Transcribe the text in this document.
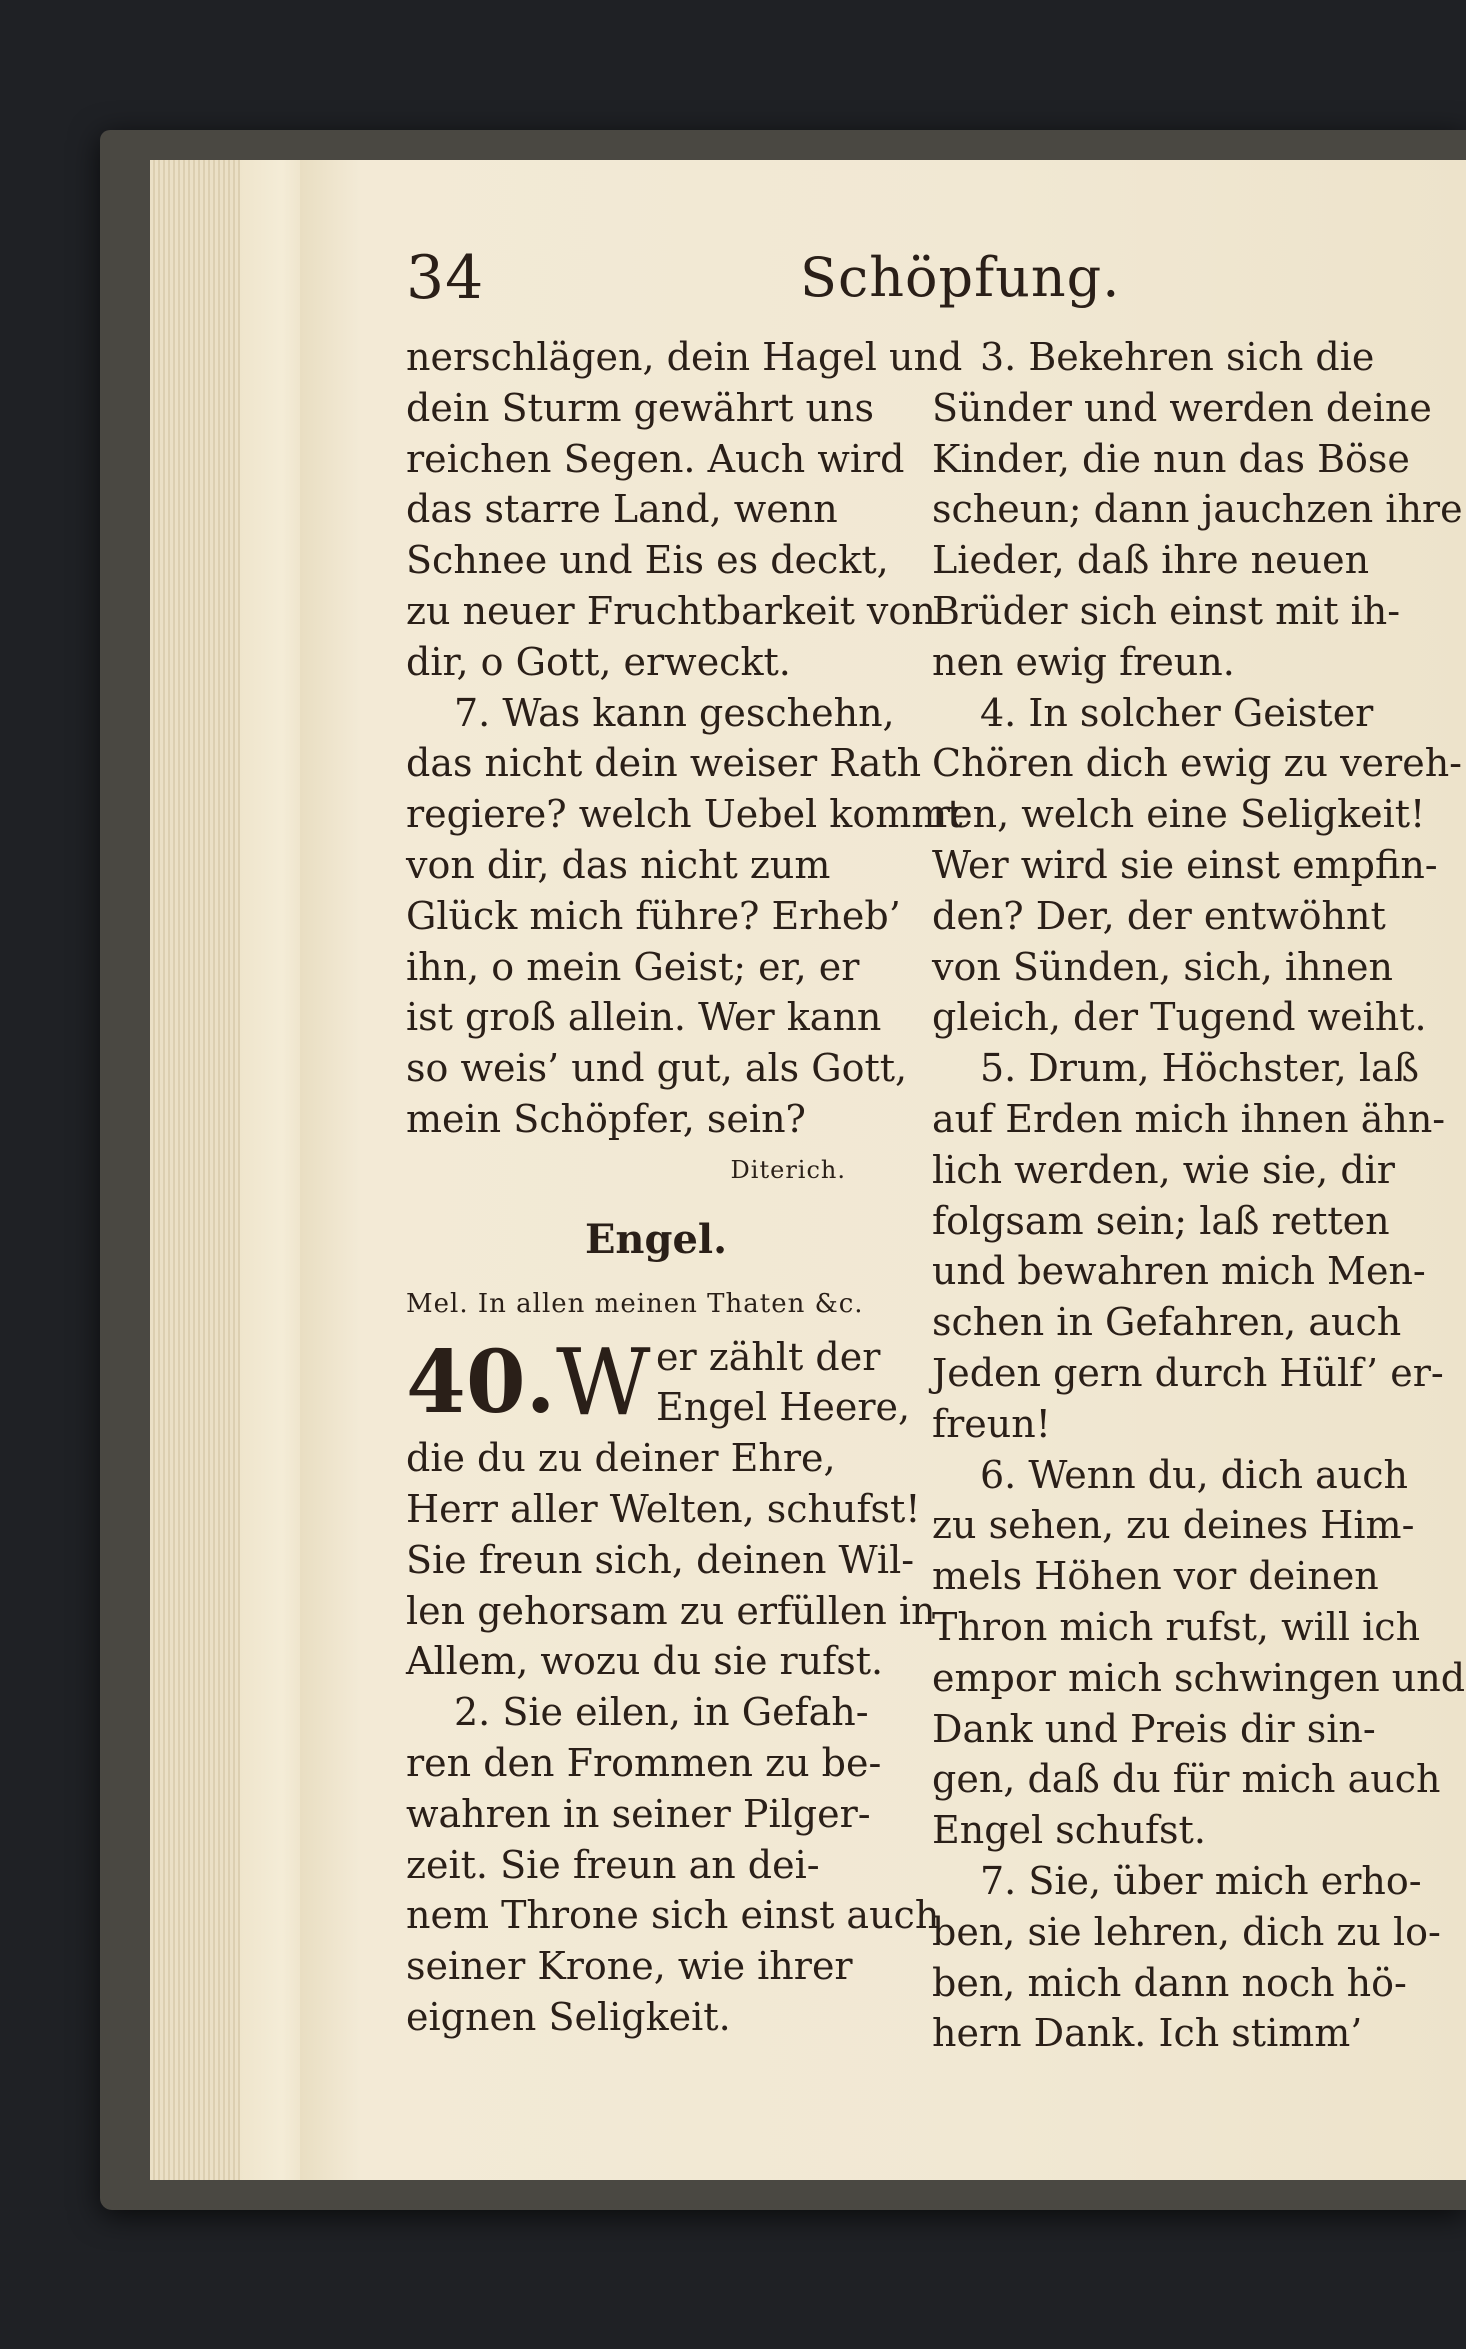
34	Schöpfung.
nerschlägen, dein Hagel und
dein Sturm gewährt uns
reichen Segen. Auch wird
das starre Land, wenn
Schnee und Eis es deckt,
zu neuer Fruchtbarkeit von
dir, o Gott, erweckt.
7. Was kann geschehn,
das nicht dein weiser Rath
regiere? welch Uebel kommt
von dir, das nicht zum
Glück mich führe? Erheb’
ihn, o mein Geist; er, er
ist groß allein. Wer kann
so weis’ und gut, als Gott,
mein Schöpfer, sein?
Diterich.
Engel.
Mel. In allen meinen Thaten &c.
40. W er zählt der
Engel Heere,
die du zu deiner Ehre,
Herr aller Welten, schufst!
Sie freun sich, deinen Wil-
len gehorsam zu erfüllen in
Allem, wozu du sie rufst.
2. Sie eilen, in Gefah-
ren den Frommen zu be-
wahren in seiner Pilger-
zeit. Sie freun an dei-
nem Throne sich einst auch
seiner Krone, wie ihrer
eignen Seligkeit.
3. Bekehren sich die
Sünder und werden deine
Kinder, die nun das Böse
scheun; dann jauchzen ihre
Lieder, daß ihre neuen
Brüder sich einst mit ih-
nen ewig freun.
4. In solcher Geister
Chören dich ewig zu vereh-
ren, welch eine Seligkeit!
Wer wird sie einst empfin-
den? Der, der entwöhnt
von Sünden, sich, ihnen
gleich, der Tugend weiht.
5. Drum, Höchster, laß
auf Erden mich ihnen ähn-
lich werden, wie sie, dir
folgsam sein; laß retten
und bewahren mich Men-
schen in Gefahren, auch
Jeden gern durch Hülf’ er-
freun!
6. Wenn du, dich auch
zu sehen, zu deines Him-
mels Höhen vor deinen
Thron mich rufst, will ich
empor mich schwingen und
Dank und Preis dir sin-
gen, daß du für mich auch
Engel schufst.
7. Sie, über mich erho-
ben, sie lehren, dich zu lo-
ben, mich dann noch hö-
hern Dank. Ich stimm’
